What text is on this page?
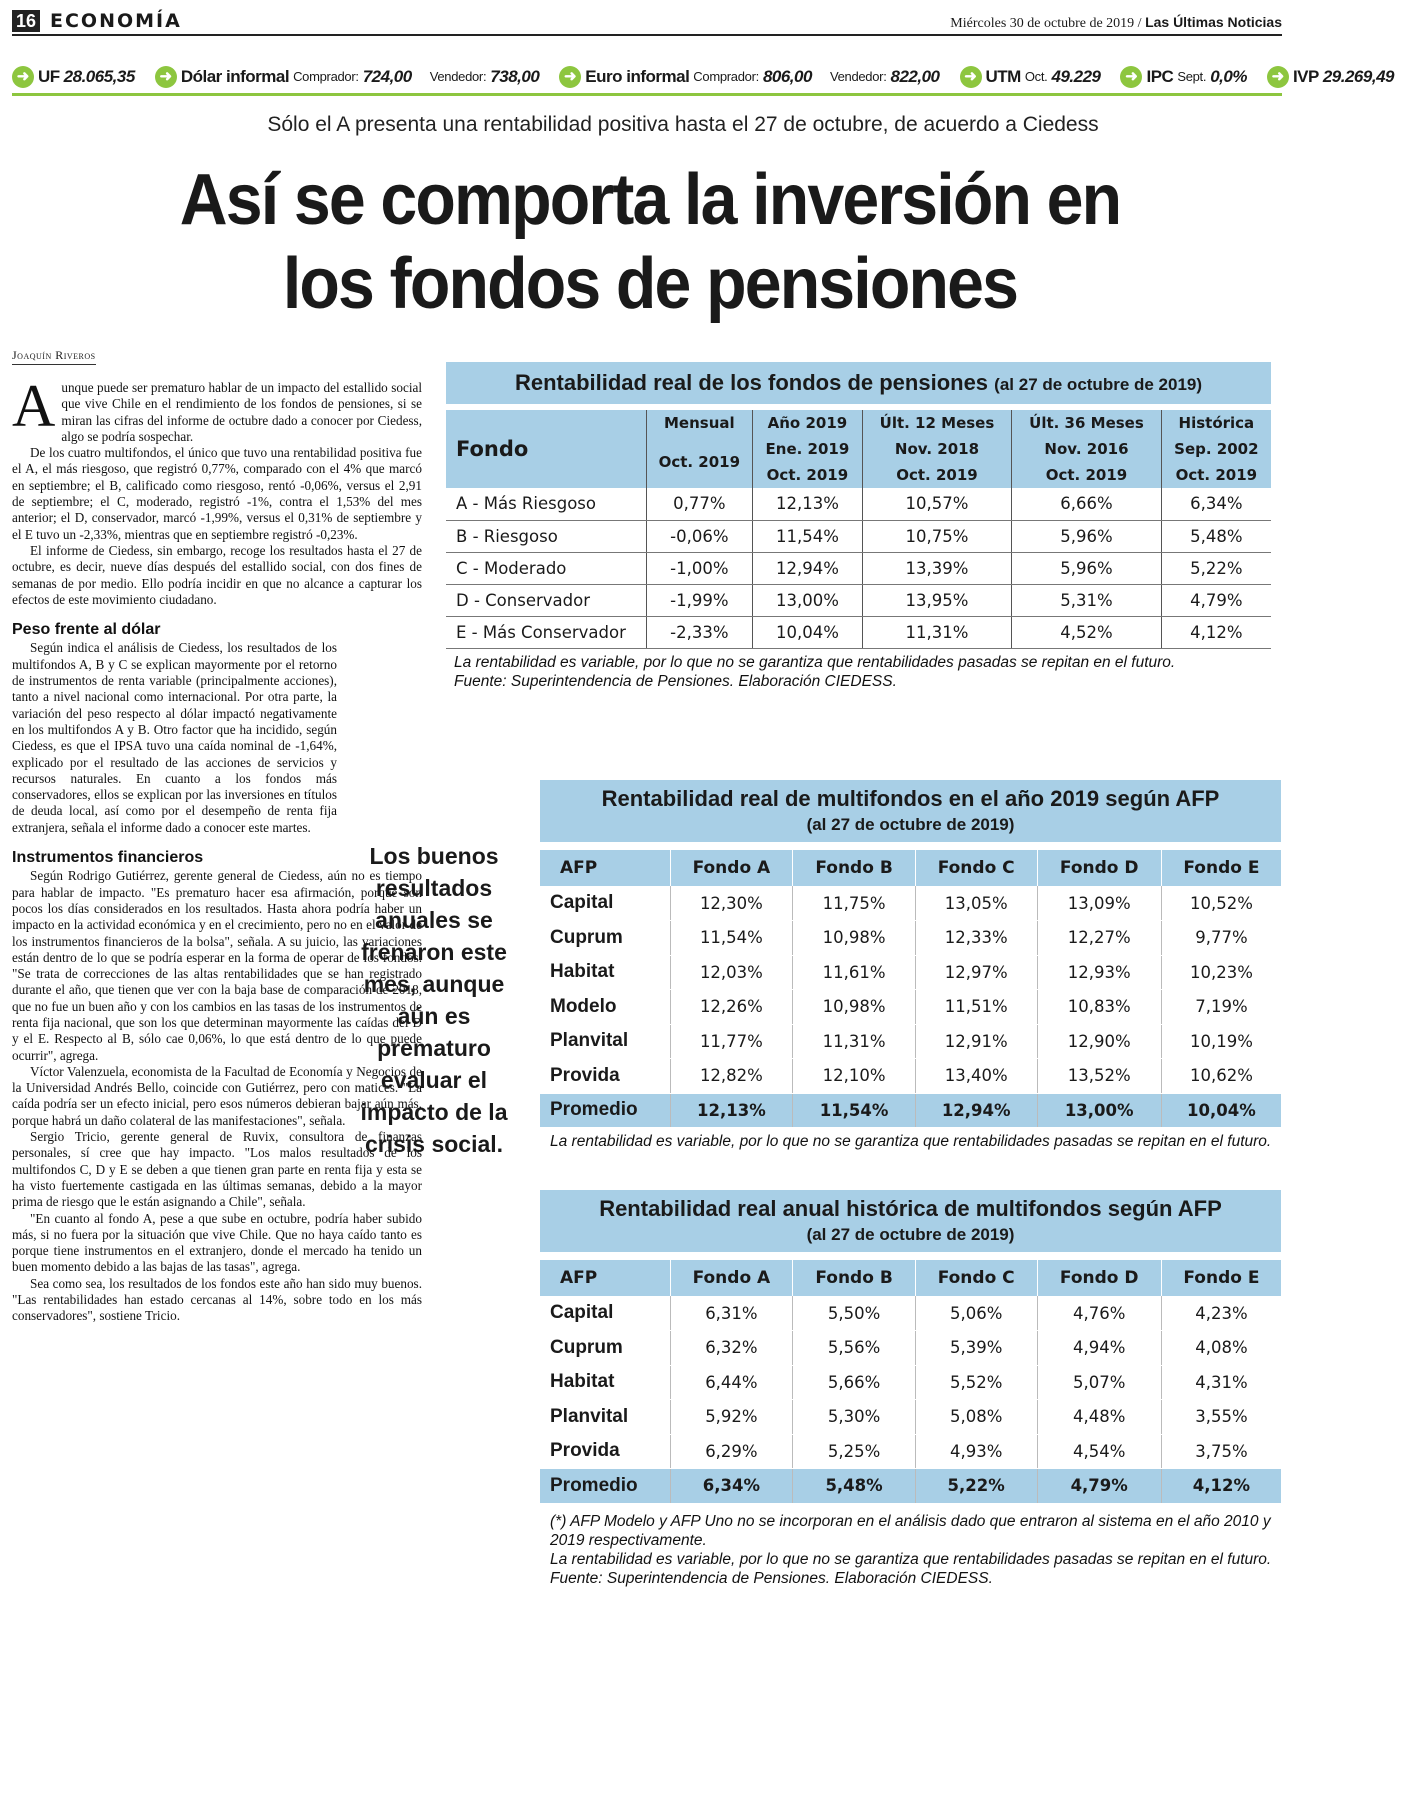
16 ECONOMÍA	Miércoles 30 de octubre de 2019 / Las Últimas Noticias
➜ UF 28.065,35	➜ Dólar informal Comprador: 724,00 Vendedor: 738,00	➜ Euro informal Comprador: 806,00 Vendedor: 822,00	➜ UTM Oct. 49.229	➜ IPC Sept. 0,0%	➜ IVP 29.269,49
Sólo el A presenta una rentabilidad positiva hasta el 27 de octubre, de acuerdo a Ciedess
Así se comporta la inversión en
los fondos de pensiones
Joaquín Riveros

Aunque puede ser prematuro hablar de un impacto del estallido social que vive Chile en el rendimiento de los fondos de pensiones, si se miran las cifras del informe de octubre dado a conocer por Ciedess, algo se podría sospechar.

De los cuatro multifondos, el único que tuvo una rentabilidad positiva fue el A, el más riesgoso, que registró 0,77%, comparado con el 4% que marcó en septiembre; el B, calificado como riesgoso, rentó -0,06%, versus el 2,91 de septiembre; el C, moderado, registró -1%, contra el 1,53% del mes anterior; el D, conservador, marcó -1,99%, versus el 0,31% de septiembre y el E tuvo un -2,33%, mientras que en septiembre registró -0,23%.

El informe de Ciedess, sin embargo, recoge los resultados hasta el 27 de octubre, es decir, nueve días después del estallido social, con dos fines de semanas de por medio. Ello podría incidir en que no alcance a capturar los efectos de este movimiento ciudadano.

Peso frente al dólar

Según indica el análisis de Ciedess, los resultados de los multifondos A, B y C se explican mayormente por el retorno de instrumentos de renta variable (principalmente acciones), tanto a nivel nacional como internacional. Por otra parte, la variación del peso respecto al dólar impactó negativamente en los multifondos A y B. Otro factor que ha incidido, según Ciedess, es que el IPSA tuvo una caída nominal de -1,64%, explicado por el resultado de las acciones de servicios y recursos naturales. En cuanto a los fondos más conservadores, ellos se explican por las inversiones en títulos de deuda local, así como por el desempeño de renta fija extranjera, señala el informe dado a conocer este martes.

Instrumentos financieros

Según Rodrigo Gutiérrez, gerente general de Ciedess, aún no es tiempo para hablar de impacto. "Es prematuro hacer esa afirmación, porque son pocos los días considerados en los resultados. Hasta ahora podría haber un impacto en la actividad económica y en el crecimiento, pero no en el valor de los instrumentos financieros de la bolsa", señala. A su juicio, las variaciones están dentro de lo que se podría esperar en la forma de operar de los fondos. "Se trata de correcciones de las altas rentabilidades que se han registrado durante el año, que tienen que ver con la baja base de comparación de 2018, que no fue un buen año y con los cambios en las tasas de los instrumentos de renta fija nacional, que son los que determinan mayormente las caídas del D y el E. Respecto al B, sólo cae 0,06%, lo que está dentro de lo que puede ocurrir", agrega.

Víctor Valenzuela, economista de la Facultad de Economía y Negocios de la Universidad Andrés Bello, coincide con Gutiérrez, pero con matices. "La caída podría ser un efecto inicial, pero esos números debieran bajar aún más, porque habrá un daño colateral de las manifestaciones", señala.

Sergio Tricio, gerente general de Ruvix, consultora de finanzas personales, sí cree que hay impacto. "Los malos resultados de los multifondos C, D y E se deben a que tienen gran parte en renta fija y esta se ha visto fuertemente castigada en las últimas semanas, debido a la mayor prima de riesgo que le están asignando a Chile", señala.

"En cuanto al fondo A, pese a que sube en octubre, podría haber subido más, si no fuera por la situación que vive Chile. Que no haya caído tanto es porque tiene instrumentos en el extranjero, donde el mercado ha tenido un buen momento debido a las bajas de las tasas", agrega.

Sea como sea, los resultados de los fondos este año han sido muy buenos. "Las rentabilidades han estado cercanas al 14%, sobre todo en los más conservadores", sostiene Tricio.

Los buenos resultados anuales se frenaron este mes, aunque aún es prematuro evaluar el impacto de la crisis social.
Rentabilidad real de los fondos de pensiones (al 27 de octubre de 2019)
Fondo	Mensual	Año 2019	Últ. 12 Meses	Últ. 36 Meses	Histórica
	Oct. 2019	Ene. 2019	Nov. 2018	Nov. 2016	Sep. 2002
		Oct. 2019	Oct. 2019	Oct. 2019	Oct. 2019
A - Más Riesgoso	0,77%	12,13%	10,57%	6,66%	6,34%
B - Riesgoso	-0,06%	11,54%	10,75%	5,96%	5,48%
C - Moderado	-1,00%	12,94%	13,39%	5,96%	5,22%
D - Conservador	-1,99%	13,00%	13,95%	5,31%	4,79%
E - Más Conservador	-2,33%	10,04%	11,31%	4,52%	4,12%
La rentabilidad es variable, por lo que no se garantiza que rentabilidades pasadas se repitan en el futuro.
Fuente: Superintendencia de Pensiones. Elaboración CIEDESS.
Rentabilidad real de multifondos en el año 2019 según AFP
(al 27 de octubre de 2019)
AFP	Fondo A	Fondo B	Fondo C	Fondo D	Fondo E
Capital	12,30%	11,75%	13,05%	13,09%	10,52%
Cuprum	11,54%	10,98%	12,33%	12,27%	9,77%
Habitat	12,03%	11,61%	12,97%	12,93%	10,23%
Modelo	12,26%	10,98%	11,51%	10,83%	7,19%
Planvital	11,77%	11,31%	12,91%	12,90%	10,19%
Provida	12,82%	12,10%	13,40%	13,52%	10,62%
Promedio	12,13%	11,54%	12,94%	13,00%	10,04%
La rentabilidad es variable, por lo que no se garantiza que rentabilidades pasadas se repitan en el futuro.
Rentabilidad real anual histórica de multifondos según AFP
(al 27 de octubre de 2019)
AFP	Fondo A	Fondo B	Fondo C	Fondo D	Fondo E
Capital	6,31%	5,50%	5,06%	4,76%	4,23%
Cuprum	6,32%	5,56%	5,39%	4,94%	4,08%
Habitat	6,44%	5,66%	5,52%	5,07%	4,31%
Planvital	5,92%	5,30%	5,08%	4,48%	3,55%
Provida	6,29%	5,25%	4,93%	4,54%	3,75%
Promedio	6,34%	5,48%	5,22%	4,79%	4,12%
(*) AFP Modelo y AFP Uno no se incorporan en el análisis dado que entraron al sistema en el año 2010 y 2019 respectivamente.
La rentabilidad es variable, por lo que no se garantiza que rentabilidades pasadas se repitan en el futuro.
Fuente: Superintendencia de Pensiones. Elaboración CIEDESS.
